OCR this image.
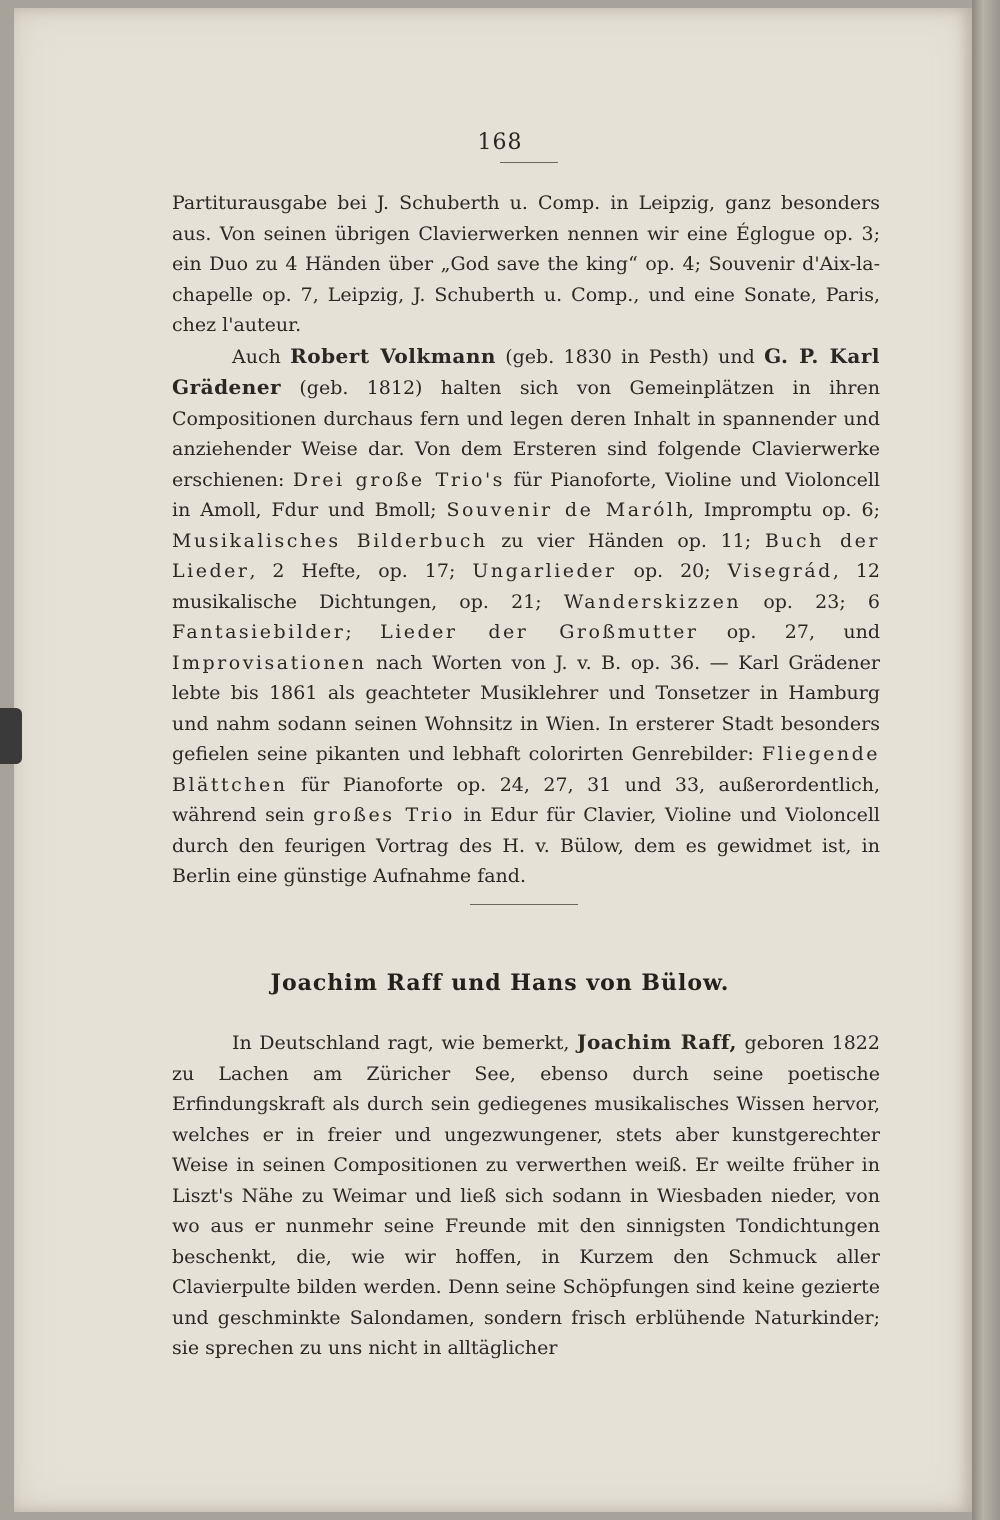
168

Partiturausgabe bei J. Schuberth u. Comp. in Leipzig, ganz besonders aus. Von seinen übrigen Clavierwerken nennen wir eine Églogue op. 3; ein Duo zu 4 Händen über „God save the king“ op. 4; Souvenir d'Aix-la-chapelle op. 7, Leipzig, J. Schuberth u. Comp., und eine Sonate, Paris, chez l'auteur.

Auch Robert Volkmann (geb. 1830 in Pesth) und G. P. Karl Grädener (geb. 1812) halten sich von Gemeinplätzen in ihren Compositionen durchaus fern und legen deren Inhalt in spannender und anziehender Weise dar. Von dem Ersteren sind folgende Clavierwerke erschienen: Drei große Trio's für Pianoforte, Violine und Violoncell in Amoll, Fdur und Bmoll; Souvenir de Marólh, Impromptu op. 6; Musikalisches Bilderbuch zu vier Händen op. 11; Buch der Lieder, 2 Hefte, op. 17; Ungarlieder op. 20; Visegrád, 12 musikalische Dichtungen, op. 21; Wanderskizzen op. 23; 6 Fantasiebilder; Lieder der Großmutter op. 27, und Improvisationen nach Worten von J. v. B. op. 36. — Karl Grädener lebte bis 1861 als geachteter Musiklehrer und Tonsetzer in Hamburg und nahm sodann seinen Wohnsitz in Wien. In ersterer Stadt besonders gefielen seine pikanten und lebhaft colorirten Genrebilder: Fliegende Blättchen für Pianoforte op. 24, 27, 31 und 33, außerordentlich, während sein großes Trio in Edur für Clavier, Violine und Violoncell durch den feurigen Vortrag des H. v. Bülow, dem es gewidmet ist, in Berlin eine günstige Aufnahme fand.

Joachim Raff und Hans von Bülow.

In Deutschland ragt, wie bemerkt, Joachim Raff, geboren 1822 zu Lachen am Züricher See, ebenso durch seine poetische Erfindungskraft als durch sein gediegenes musikalisches Wissen hervor, welches er in freier und ungezwungener, stets aber kunstgerechter Weise in seinen Compositionen zu verwerthen weiß. Er weilte früher in Liszt's Nähe zu Weimar und ließ sich sodann in Wiesbaden nieder, von wo aus er nunmehr seine Freunde mit den sinnigsten Tondichtungen beschenkt, die, wie wir hoffen, in Kurzem den Schmuck aller Clavierpulte bilden werden. Denn seine Schöpfungen sind keine gezierte und geschminkte Salondamen, sondern frisch erblühende Naturkinder; sie sprechen zu uns nicht in alltäglicher
